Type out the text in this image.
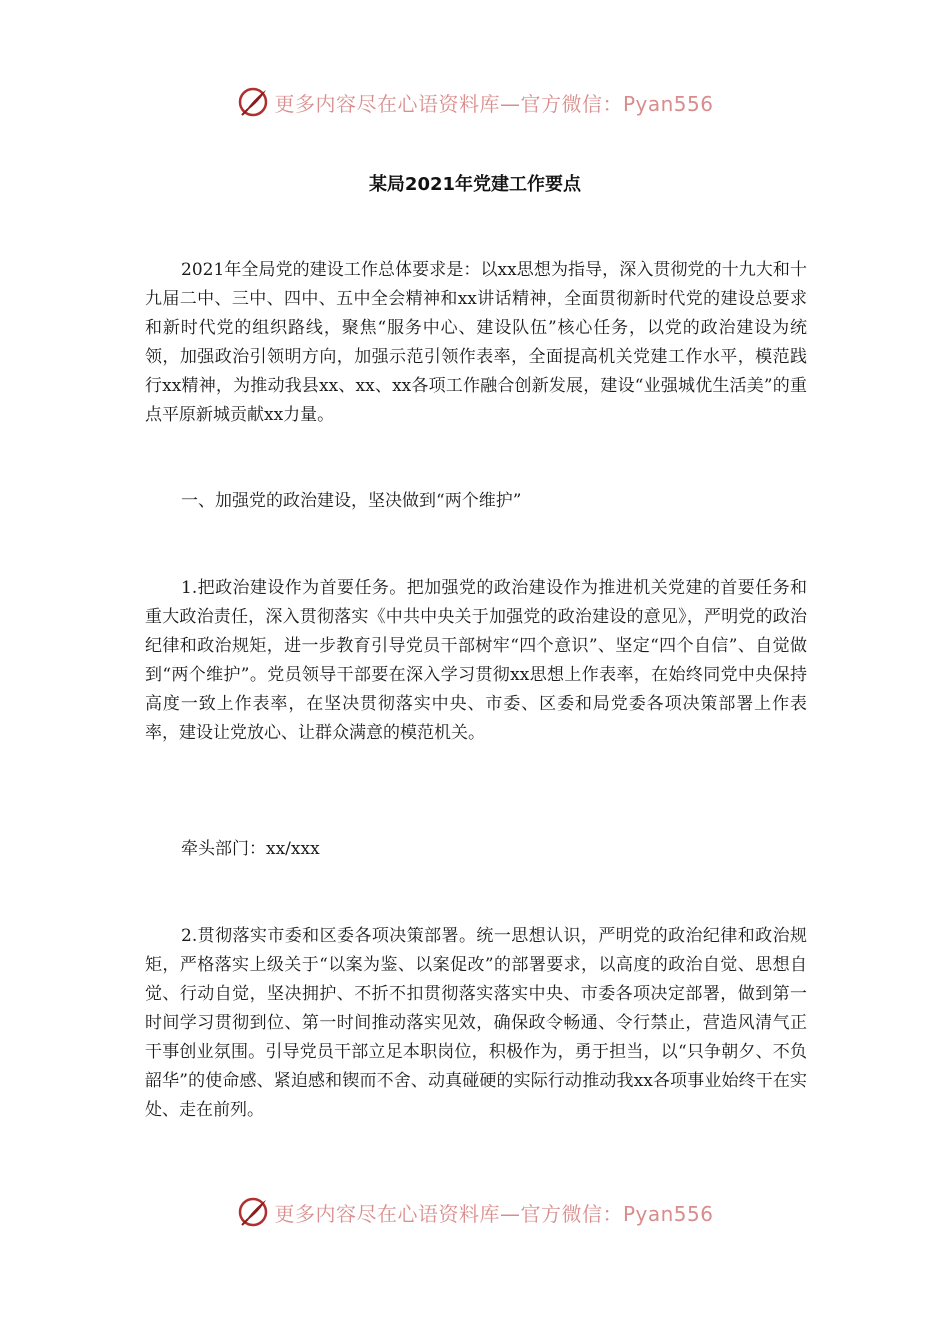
更多内容尽在心语资料库—官方微信：Pyan556
某局2021年党建工作要点

2021年全局党的建设工作总体要求是：以xx思想为指导，深入贯彻党的十九大和十九届二中、三中、四中、五中全会精神和xx讲话精神，全面贯彻新时代党的建设总要求和新时代党的组织路线，聚焦“服务中心、建设队伍”核心任务，以党的政治建设为统领，加强政治引领明方向，加强示范引领作表率，全面提高机关党建工作水平，模范践行xx精神，为推动我县xx、xx、xx各项工作融合创新发展，建设“业强城优生活美”的重点平原新城贡献xx力量。

一、加强党的政治建设，坚决做到“两个维护”

1.把政治建设作为首要任务。把加强党的政治建设作为推进机关党建的首要任务和重大政治责任，深入贯彻落实《中共中央关于加强党的政治建设的意见》，严明党的政治纪律和政治规矩，进一步教育引导党员干部树牢“四个意识”、坚定“四个自信”、自觉做到“两个维护”。党员领导干部要在深入学习贯彻xx思想上作表率，在始终同党中央保持高度一致上作表率，在坚决贯彻落实中央、市委、区委和局党委各项决策部署上作表率，建设让党放心、让群众满意的模范机关。

牵头部门：xx/xxx

2.贯彻落实市委和区委各项决策部署。统一思想认识，严明党的政治纪律和政治规矩，严格落实上级关于“以案为鉴、以案促改”的部署要求，以高度的政治自觉、思想自觉、行动自觉，坚决拥护、不折不扣贯彻落实落实中央、市委各项决定部署，做到第一时间学习贯彻到位、第一时间推动落实见效，确保政令畅通、令行禁止，营造风清气正干事创业氛围。引导党员干部立足本职岗位，积极作为，勇于担当，以“只争朝夕、不负韶华”的使命感、紧迫感和锲而不舍、动真碰硬的实际行动推动我xx各项事业始终干在实处、走在前列。

更多内容尽在心语资料库—官方微信：Pyan556
